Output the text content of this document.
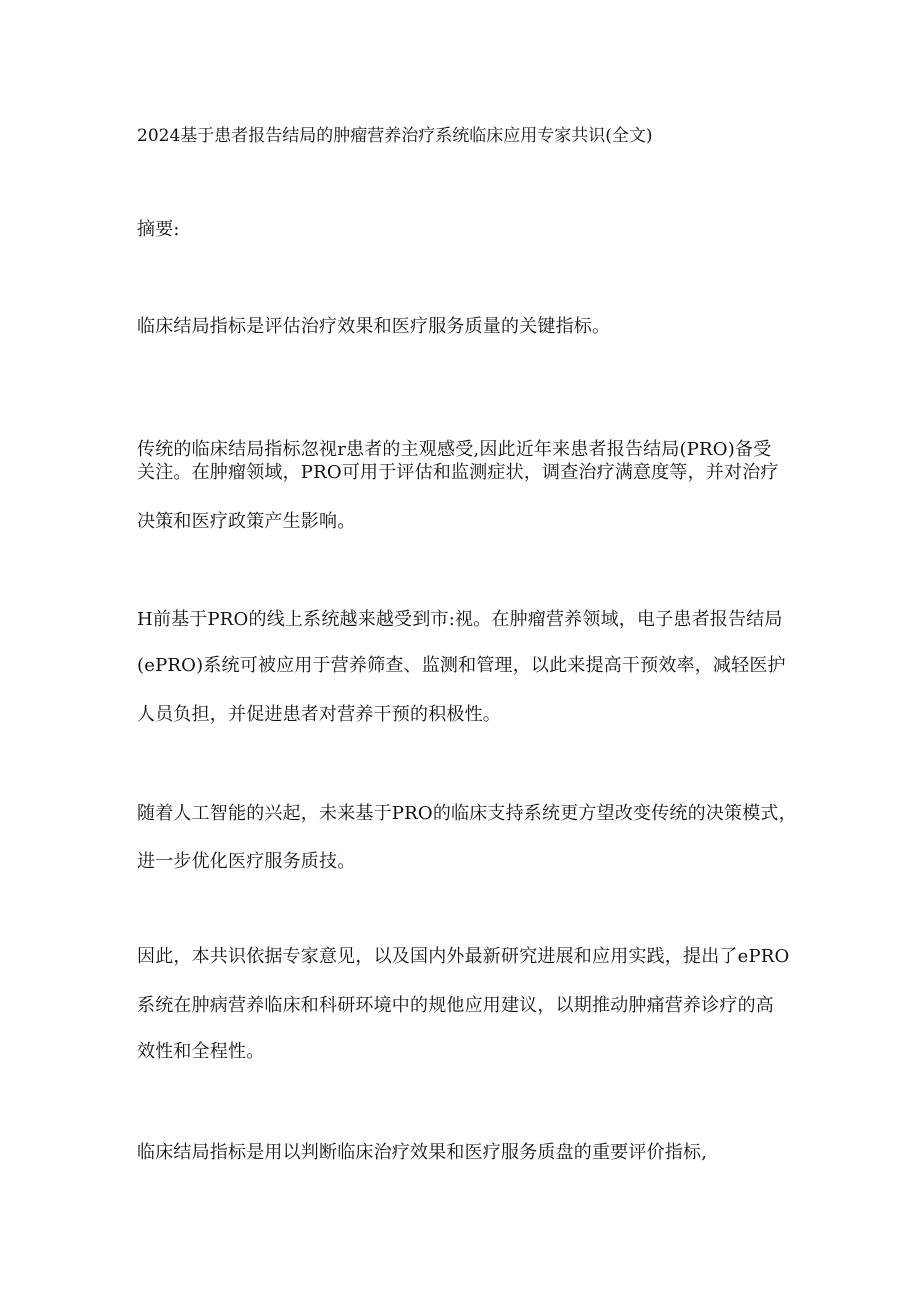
2024基于患者报告结局的肿瘤营养治疗系统临床应用专家共识(全文)

摘要:

临床结局指标是评估治疗效果和医疗服务质量的关键指标。

传统的临床结局指标忽视r患者的主观感受,因此近年来患者报告结局(PRO)备受

关注。在肿瘤领域，PRO可用于评估和监测症状，调查治疗满意度等，并对治疗

决策和医疗政策产生影响。

H前基于PRO的线上系统越来越受到市:视。在肿瘤营养领域，电子患者报告结局

(ePRO)系统可被应用于营养筛查、监测和管理，以此来提高干预效率，减轻医护

人员负担，并促进患者对营养干预的积极性。

随着人工智能的兴起，未来基于PRO的临床支持系统更方望改变传统的决策模式，

进一步优化医疗服务质技。

因此，本共识依据专家意见，以及国内外最新研究进展和应用实践，提出了ePRO

系统在肿病营养临床和科研环境中的规他应用建议，以期推动肿痛营养诊疗的高

效性和全程性。

临床结局指标是用以判断临床治疗效果和医疗服务质盘的重要评价指标,
